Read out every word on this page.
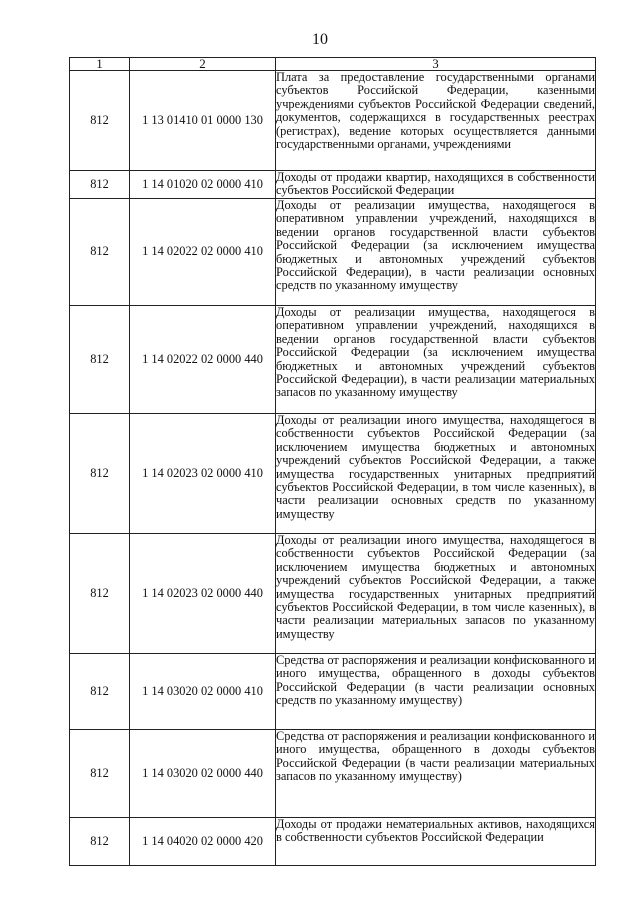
10
1	2	3
812	1 13 01410 01 0000 130	Плата за предоставление государственными органами субъектов Российской Федерации, казенными учреждениями субъектов Российской Федерации сведений, документов, содержащихся в государственных реестрах (регистрах), ведение которых осуществляется данными государственными органами, учреждениями
812	1 14 01020 02 0000 410	Доходы от продажи квартир, находящихся в собственности субъектов Российской Федерации
812	1 14 02022 02 0000 410	Доходы от реализации имущества, находящегося в оперативном управлении учреждений, находящихся в ведении органов государственной власти субъектов Российской Федерации (за исключением имущества бюджетных и автономных учреждений субъектов Российской Федерации), в части реализации основных средств по указанному имуществу
812	1 14 02022 02 0000 440	Доходы от реализации имущества, находящегося в оперативном управлении учреждений, находящихся в ведении органов государственной власти субъектов Российской Федерации (за исключением имущества бюджетных и автономных учреждений субъектов Российской Федерации), в части реализации материальных запасов по указанному имуществу
812	1 14 02023 02 0000 410	Доходы от реализации иного имущества, находящегося в собственности субъектов Российской Федерации (за исключением имущества бюджетных и автономных учреждений субъектов Российской Федерации, а также имущества государственных унитарных предприятий субъектов Российской Федерации, в том числе казенных), в части реализации основных средств по указанному имуществу
812	1 14 02023 02 0000 440	Доходы от реализации иного имущества, находящегося в собственности субъектов Российской Федерации (за исключением имущества бюджетных и автономных учреждений субъектов Российской Федерации, а также имущества государственных унитарных предприятий субъектов Российской Федерации, в том числе казенных), в части реализации материальных запасов по указанному имуществу
812	1 14 03020 02 0000 410	Средства от распоряжения и реализации конфискованного и иного имущества, обращенного в доходы субъектов Российской Федерации (в части реализации основных средств по указанному имуществу)
812	1 14 03020 02 0000 440	Средства от распоряжения и реализации конфискованного и иного имущества, обращенного в доходы субъектов Российской Федерации (в части реализации материальных запасов по указанному имуществу)
812	1 14 04020 02 0000 420	Доходы от продажи нематериальных активов, находящихся в собственности субъектов Российской Федерации
